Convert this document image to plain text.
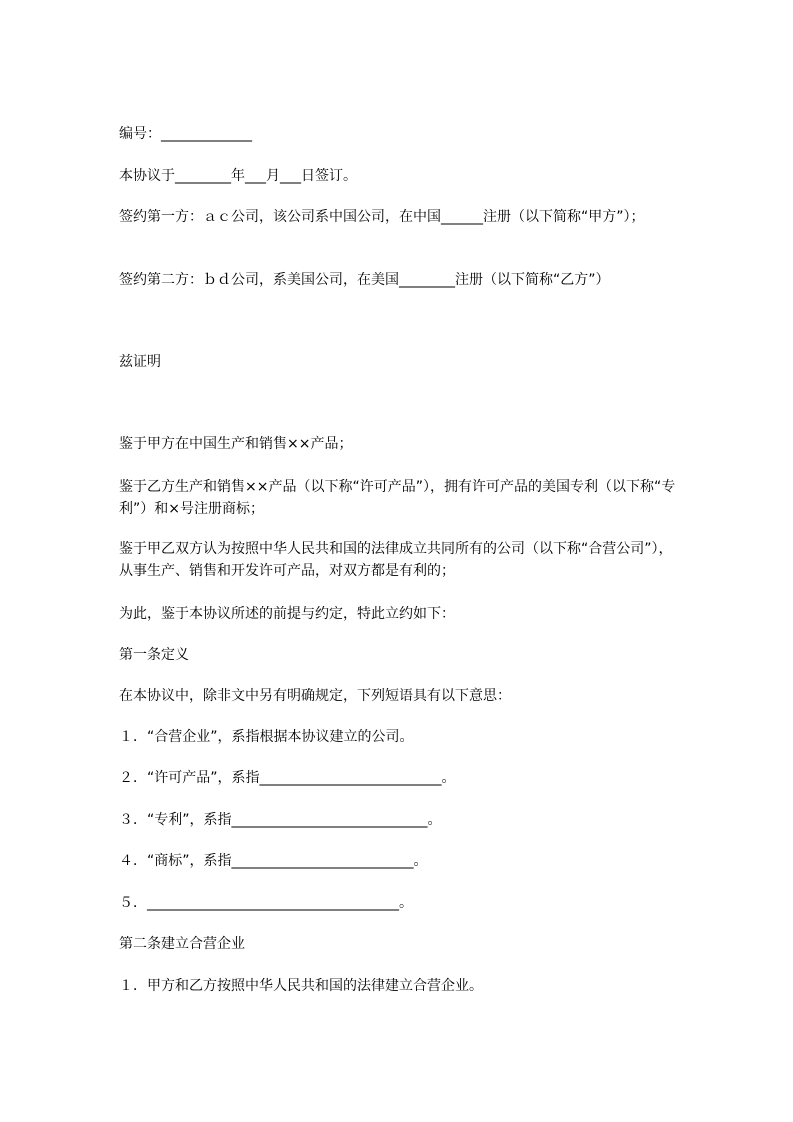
编号：_____________
本协议于________年___月___日签订。
签约第一方：ａｃ公司，该公司系中国公司，在中国______注册（以下简称“甲方”）；
签约第二方：ｂｄ公司，系美国公司，在美国________注册（以下简称“乙方”）
兹证明
鉴于甲方在中国生产和销售××产品；
鉴于乙方生产和销售××产品（以下称“许可产品”），拥有许可产品的美国专利（以下称“专利”）和×号注册商标；
鉴于甲乙双方认为按照中华人民共和国的法律成立共同所有的公司（以下称“合营公司”），从事生产、销售和开发许可产品，对双方都是有利的；
为此，鉴于本协议所述的前提与约定，特此立约如下：
第一条定义
在本协议中，除非文中另有明确规定，下列短语具有以下意思：
１．“合营企业”，系指根据本协议建立的公司。
２．“许可产品”，系指__________________________。
３．“专利”，系指____________________________。
４．“商标”，系指__________________________。
５．____________________________________。
第二条建立合营企业
１．甲方和乙方按照中华人民共和国的法律建立合营企业。
